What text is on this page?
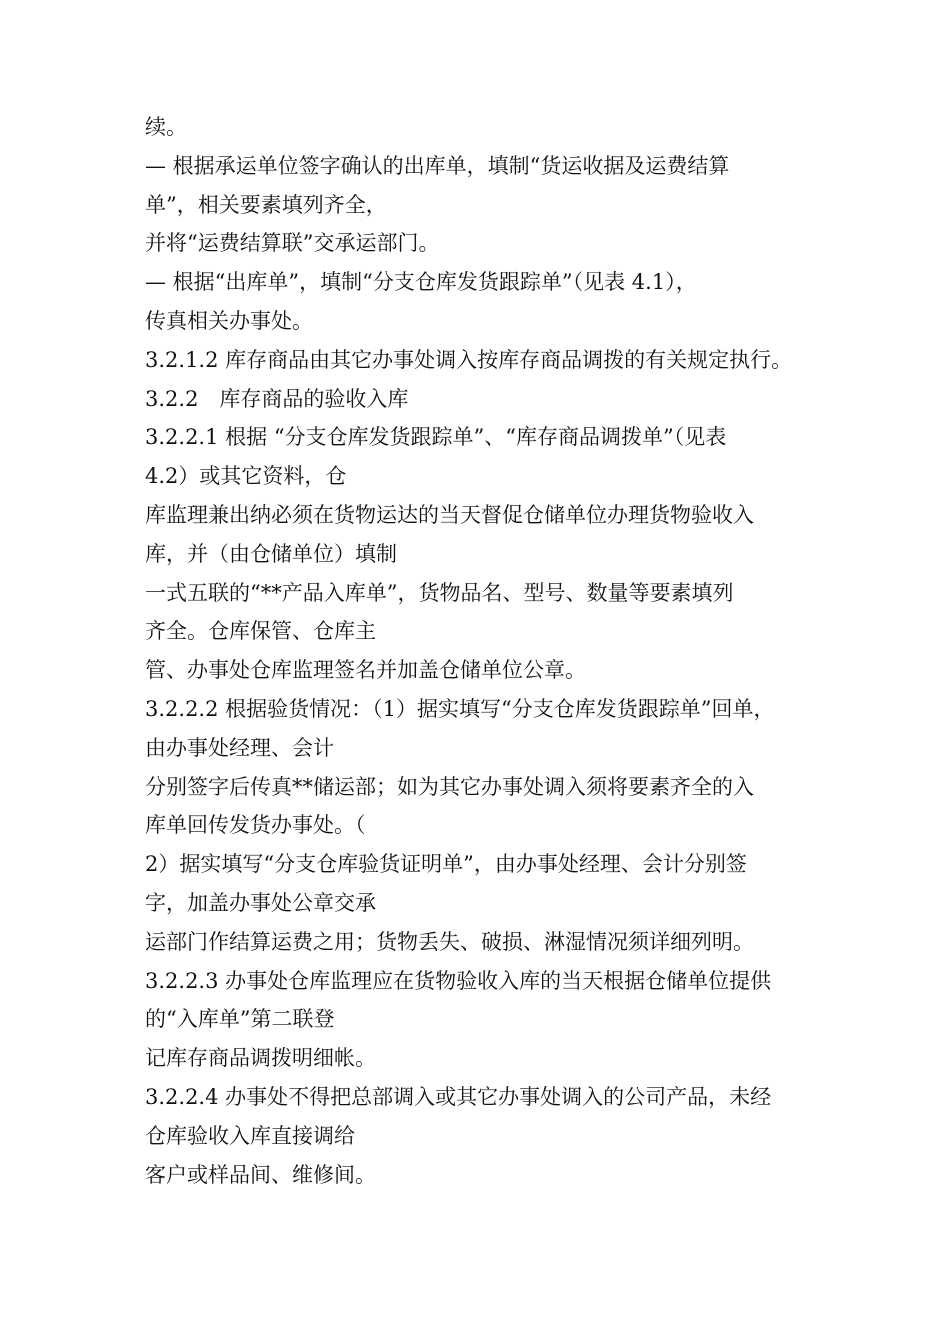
续。
— 根据承运单位签字确认的出库单，填制“货运收据及运费结算
单”，相关要素填列齐全，
并将“运费结算联”交承运部门。
— 根据“出库单”，填制“分支仓库发货跟踪单”（见表 4.1），
传真相关办事处。
3.2.1.2 库存商品由其它办事处调入按库存商品调拨的有关规定执行。
3.2.2　库存商品的验收入库
3.2.2.1 根据 “分支仓库发货跟踪单”、“库存商品调拨单”（见表
4.2）或其它资料，仓
库监理兼出纳必须在货物运达的当天督促仓储单位办理货物验收入
库，并（由仓储单位）填制
一式五联的“**产品入库单”，货物品名、型号、数量等要素填列
齐全。仓库保管、仓库主
管、办事处仓库监理签名并加盖仓储单位公章。
3.2.2.2 根据验货情况：（1）据实填写“分支仓库发货跟踪单”回单，
由办事处经理、会计
分别签字后传真**储运部；如为其它办事处调入须将要素齐全的入
库单回传发货办事处。（
2）据实填写“分支仓库验货证明单”，由办事处经理、会计分别签
字，加盖办事处公章交承
运部门作结算运费之用；货物丢失、破损、淋湿情况须详细列明。
3.2.2.3 办事处仓库监理应在货物验收入库的当天根据仓储单位提供
的“入库单”第二联登
记库存商品调拨明细帐。
3.2.2.4 办事处不得把总部调入或其它办事处调入的公司产品，未经
仓库验收入库直接调给
客户或样品间、维修间。
